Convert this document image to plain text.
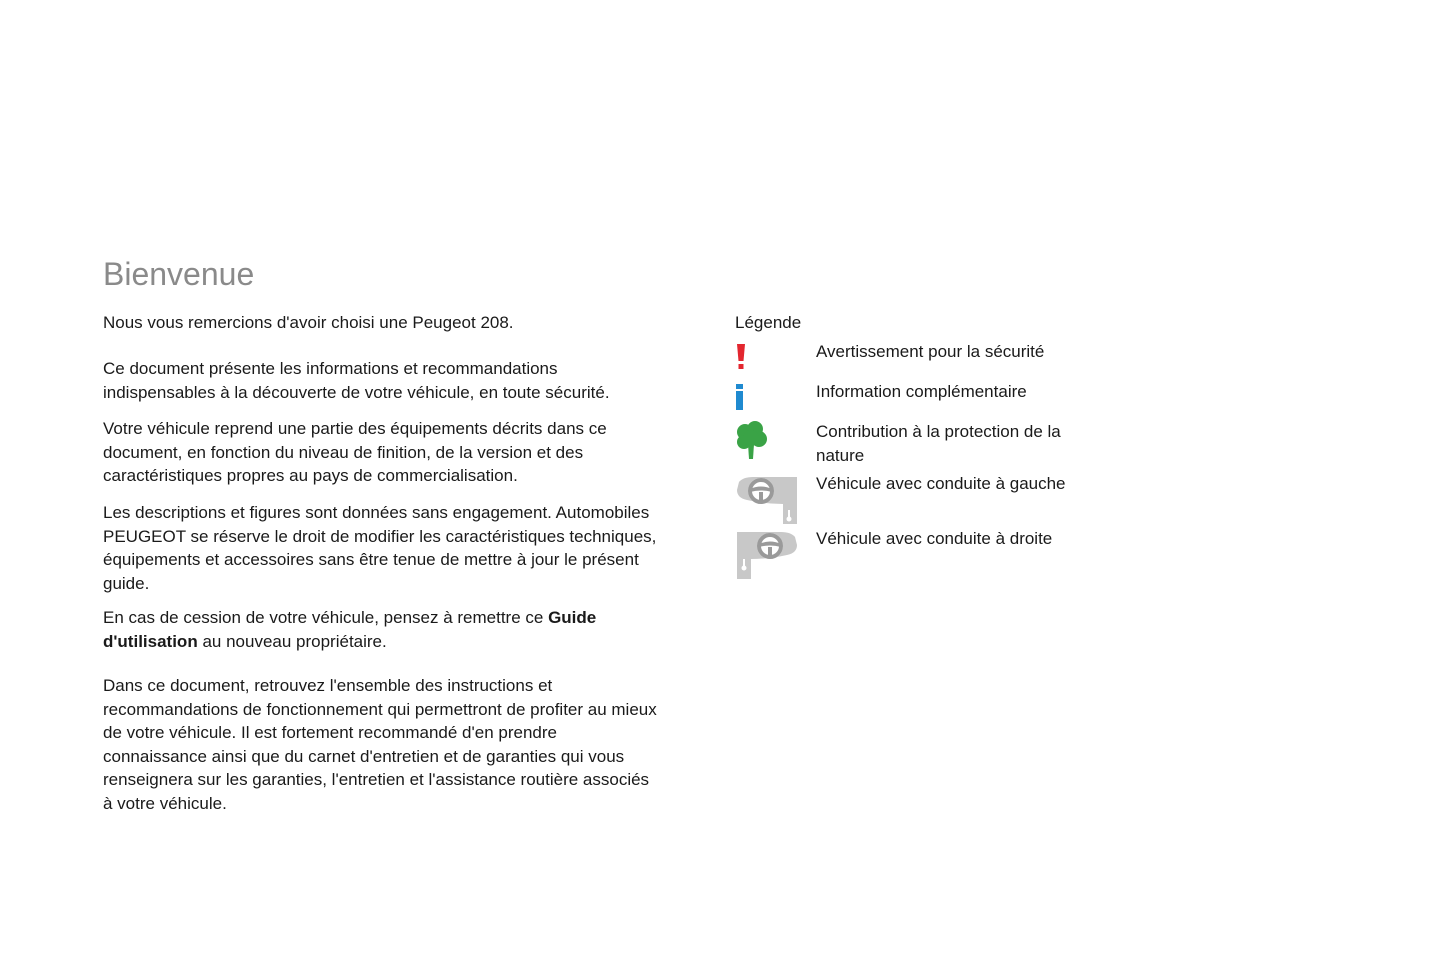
Bienvenue

Nous vous remercions d'avoir choisi une Peugeot 208.

Ce document présente les informations et recommandations indispensables à la découverte de votre véhicule, en toute sécurité.

Votre véhicule reprend une partie des équipements décrits dans ce document, en fonction du niveau de finition, de la version et des caractéristiques propres au pays de commercialisation.

Les descriptions et figures sont données sans engagement. Automobiles PEUGEOT se réserve le droit de modifier les caractéristiques techniques, équipements et accessoires sans être tenue de mettre à jour le présent guide.

En cas de cession de votre véhicule, pensez à remettre ce Guide d'utilisation au nouveau propriétaire.

Dans ce document, retrouvez l'ensemble des instructions et recommandations de fonctionnement qui permettront de profiter au mieux de votre véhicule. Il est fortement recommandé d'en prendre connaissance ainsi que du carnet d'entretien et de garanties qui vous renseignera sur les garanties, l'entretien et l'assistance routière associés à votre véhicule.

Légende

Avertissement pour la sécurité
Information complémentaire
Contribution à la protection de la nature
Véhicule avec conduite à gauche
Véhicule avec conduite à droite
